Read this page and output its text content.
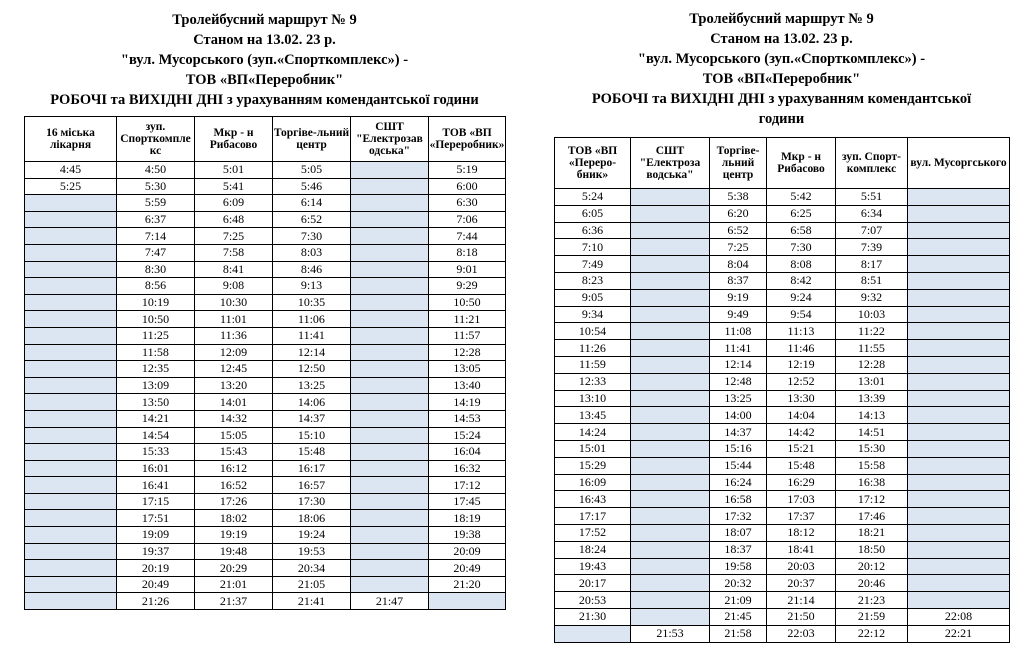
Тролейбусний маршрут № 9
Станом на 13.02. 23 р.
"вул. Мусорського (зуп.«Спорткомплекс») -
ТОВ «ВП«Переробник"
РОБОЧІ та ВИХІДНІ ДНІ з урахуванням комендантської години
16 міська лікарня	зуп. Спорткомпле кс	Мкр - н Рибасово	Торгіве-льний центр	СШТ "Електрозав одська"	ТОВ «ВП «Переробник»
4:45	4:50	5:01	5:05		5:19
5:25	5:30	5:41	5:46		6:00
	5:59	6:09	6:14		6:30
	6:37	6:48	6:52		7:06
	7:14	7:25	7:30		7:44
	7:47	7:58	8:03		8:18
	8:30	8:41	8:46		9:01
	8:56	9:08	9:13		9:29
	10:19	10:30	10:35		10:50
	10:50	11:01	11:06		11:21
	11:25	11:36	11:41		11:57
	11:58	12:09	12:14		12:28
	12:35	12:45	12:50		13:05
	13:09	13:20	13:25		13:40
	13:50	14:01	14:06		14:19
	14:21	14:32	14:37		14:53
	14:54	15:05	15:10		15:24
	15:33	15:43	15:48		16:04
	16:01	16:12	16:17		16:32
	16:41	16:52	16:57		17:12
	17:15	17:26	17:30		17:45
	17:51	18:02	18:06		18:19
	19:09	19:19	19:24		19:38
	19:37	19:48	19:53		20:09
	20:19	20:29	20:34		20:49
	20:49	21:01	21:05		21:20
	21:26	21:37	21:41	21:47	
Тролейбусний маршрут № 9
Станом на 13.02. 23 р.
"вул. Мусорського (зуп.«Спорткомплекс») -
ТОВ «ВП«Переробник"
РОБОЧІ та ВИХІДНІ ДНІ з урахуванням комендантської
години
ТОВ «ВП «Переро-бник»	СШТ "Електроза водська"	Торгіве-льний центр	Мкр - н Рибасово	зуп. Спорт-комплекс	вул. Мусоргського
5:24		5:38	5:42	5:51	
6:05		6:20	6:25	6:34	
6:36		6:52	6:58	7:07	
7:10		7:25	7:30	7:39	
7:49		8:04	8:08	8:17	
8:23		8:37	8:42	8:51	
9:05		9:19	9:24	9:32	
9:34		9:49	9:54	10:03	
10:54		11:08	11:13	11:22	
11:26		11:41	11:46	11:55	
11:59		12:14	12:19	12:28	
12:33		12:48	12:52	13:01	
13:10		13:25	13:30	13:39	
13:45		14:00	14:04	14:13	
14:24		14:37	14:42	14:51	
15:01		15:16	15:21	15:30	
15:29		15:44	15:48	15:58	
16:09		16:24	16:29	16:38	
16:43		16:58	17:03	17:12	
17:17		17:32	17:37	17:46	
17:52		18:07	18:12	18:21	
18:24		18:37	18:41	18:50	
19:43		19:58	20:03	20:12	
20:17		20:32	20:37	20:46	
20:53		21:09	21:14	21:23	
21:30		21:45	21:50	21:59	22:08
	21:53	21:58	22:03	22:12	22:21
